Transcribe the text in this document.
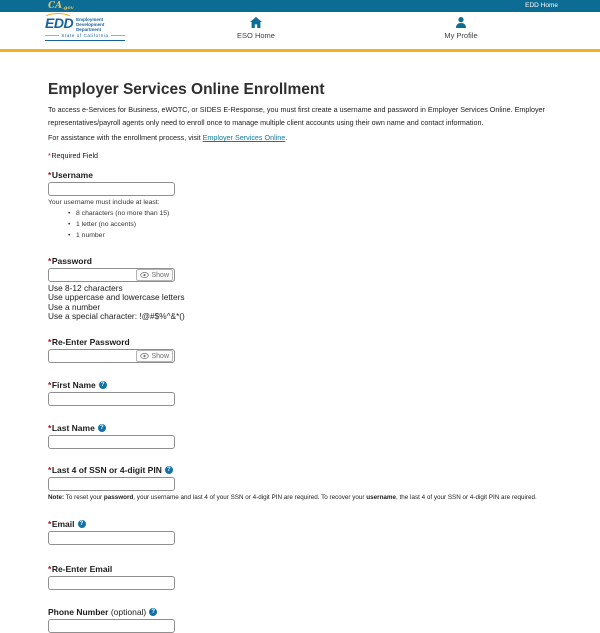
CA.gov	EDD Home
EDD Employment
Development
Department
State of California	ESO Home	My Profile
Employer Services Online Enrollment

To access e-Services for Business, eWOTC, or SIDES E-Response, you must first create a username and password in Employer Services Online. Employer representatives/payroll agents only need to enroll once to manage multiple client accounts using their own name and contact information.

For assistance with the enrollment process, visit Employer Services Online.

*Required Field

*Username
Your username must include at least:
• 8 characters (no more than 15)
• 1 letter (no accents)
• 1 number
*Password
Show
Use 8-12 characters
Use uppercase and lowercase letters
Use a number
Use a special character: !@#$%^&*()
*Re-Enter Password
Show
*First Name ?
*Last Name ?
*Last 4 of SSN or 4-digit PIN ?

Note: To reset your password, your username and last 4 of your SSN or 4-digit PIN are required. To recover your username, the last 4 of your SSN or 4-digit PIN are required.

*Email ?
*Re-Enter Email
Phone Number (optional) ?
